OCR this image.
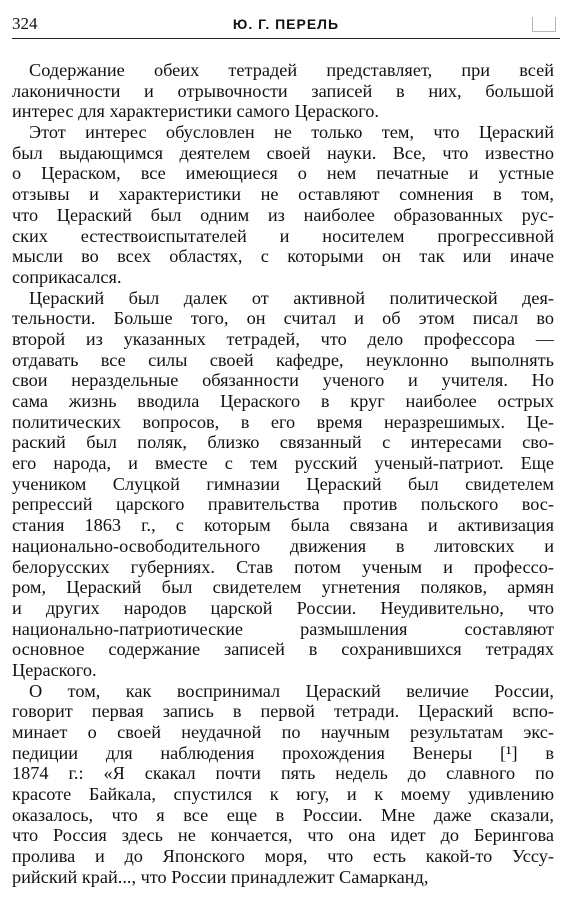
324	Ю. Г. ПЕРЕЛЬ
Содержание обеих тетрадей представляет, при всей
лаконичности и отрывочности записей в них, большой
интерес для характеристики самого Цераского.
Этот интерес обусловлен не только тем, что Цераский
был выдающимся деятелем своей науки. Все, что известно
о Цераском, все имеющиеся о нем печатные и устные
отзывы и характеристики не оставляют сомнения в том,
что Цераский был одним из наиболее образованных рус-
ских естествоиспытателей и носителем прогрессивной
мысли во всех областях, с которыми он так или иначе
соприкасался.
Цераский был далек от активной политической дея-
тельности. Больше того, он считал и об этом писал во
второй из указанных тетрадей, что дело профессора —
отдавать все силы своей кафедре, неуклонно выполнять
свои нераздельные обязанности ученого и учителя. Но
сама жизнь вводила Цераского в круг наиболее острых
политических вопросов, в его время неразрешимых. Це-
раский был поляк, близко связанный с интересами сво-
его народа, и вместе с тем русский ученый-патриот. Еще
учеником Слуцкой гимназии Цераский был свидетелем
репрессий царского правительства против польского вос-
стания 1863 г., с которым была связана и активизация
национально-освободительного движения в литовских и
белорусских губерниях. Став потом ученым и профессо-
ром, Цераский был свидетелем угнетения поляков, армян
и других народов царской России. Неудивительно, что
национально-патриотические размышления составляют
основное содержание записей в сохранившихся тетрадях
Цераского.
О том, как воспринимал Цераский величие России,
говорит первая запись в первой тетради. Цераский вспо-
минает о своей неудачной по научным результатам экс-
педиции для наблюдения прохождения Венеры [¹] в
1874 г.: «Я скакал почти пять недель до славного по
красоте Байкала, спустился к югу, и к моему удивлению
оказалось, что я все еще в России. Мне даже сказали,
что Россия здесь не кончается, что она идет до Берингова
пролива и до Японского моря, что есть какой-то Уссу-
рийский край..., что России принадлежит Самарканд,
